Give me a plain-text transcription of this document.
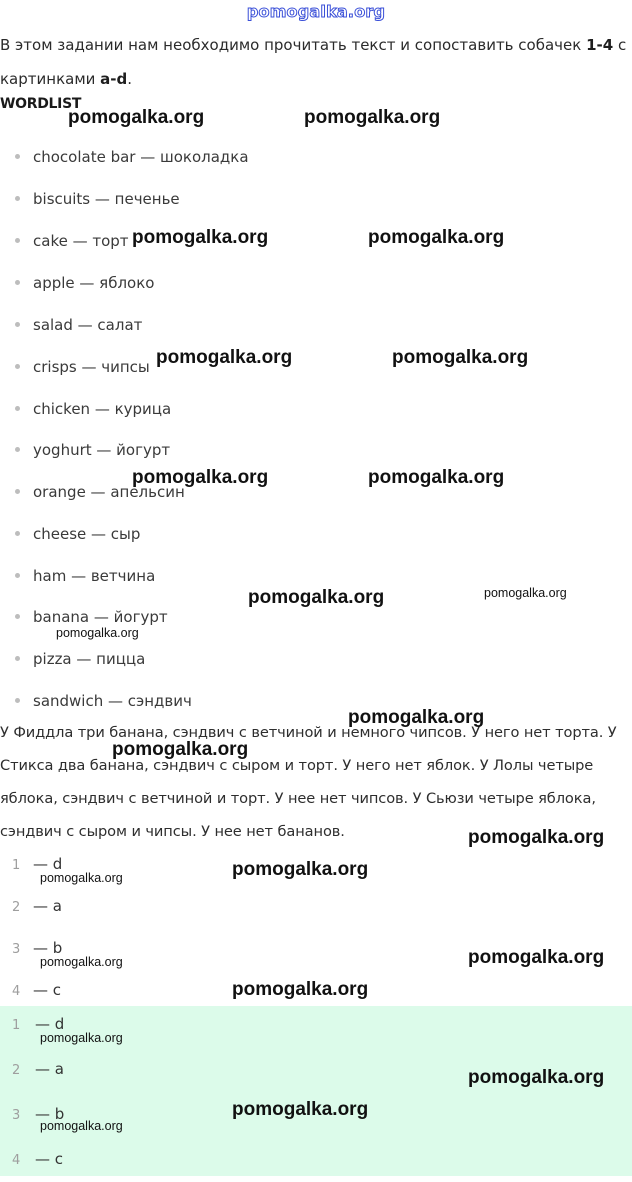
pomogalka.org

В этом задании нам необходимо прочитать текст и сопоставить собачек 1-4 с картинками a-d.

WORDLIST
chocolate bar — шоколадка
biscuits — печенье
cake — торт
apple — яблоко
salad — салат
crisps — чипсы
chicken — курица
yoghurt — йогурт
orange — апельсин
cheese — сыр
ham — ветчина
banana — йогурт
pizza — пицца
sandwich — сэндвич

У Фиддла три банана, сэндвич с ветчиной и немного чипсов. У него нет торта. У Стикса два банана, сэндвич с сыром и торт. У него нет яблок. У Лолы четыре яблока, сэндвич с ветчиной и торт. У нее нет чипсов. У Сьюзи четыре яблока, сэндвич с сыром и чипсы. У нее нет бананов.

1 — d
2 — a
3 — b
4 — c
1 — d
2 — a
3 — b
4 — c
pomogalka.org	pomogalka.org
pomogalka.org	pomogalka.org
pomogalka.org	pomogalka.org
pomogalka.org	pomogalka.org
pomogalka.org	pomogalka.org
pomogalka.org
pomogalka.org
pomogalka.org
pomogalka.org
pomogalka.org
pomogalka.org
pomogalka.org
pomogalka.org
pomogalka.org
pomogalka.org
pomogalka.org
pomogalka.org
pomogalka.org
